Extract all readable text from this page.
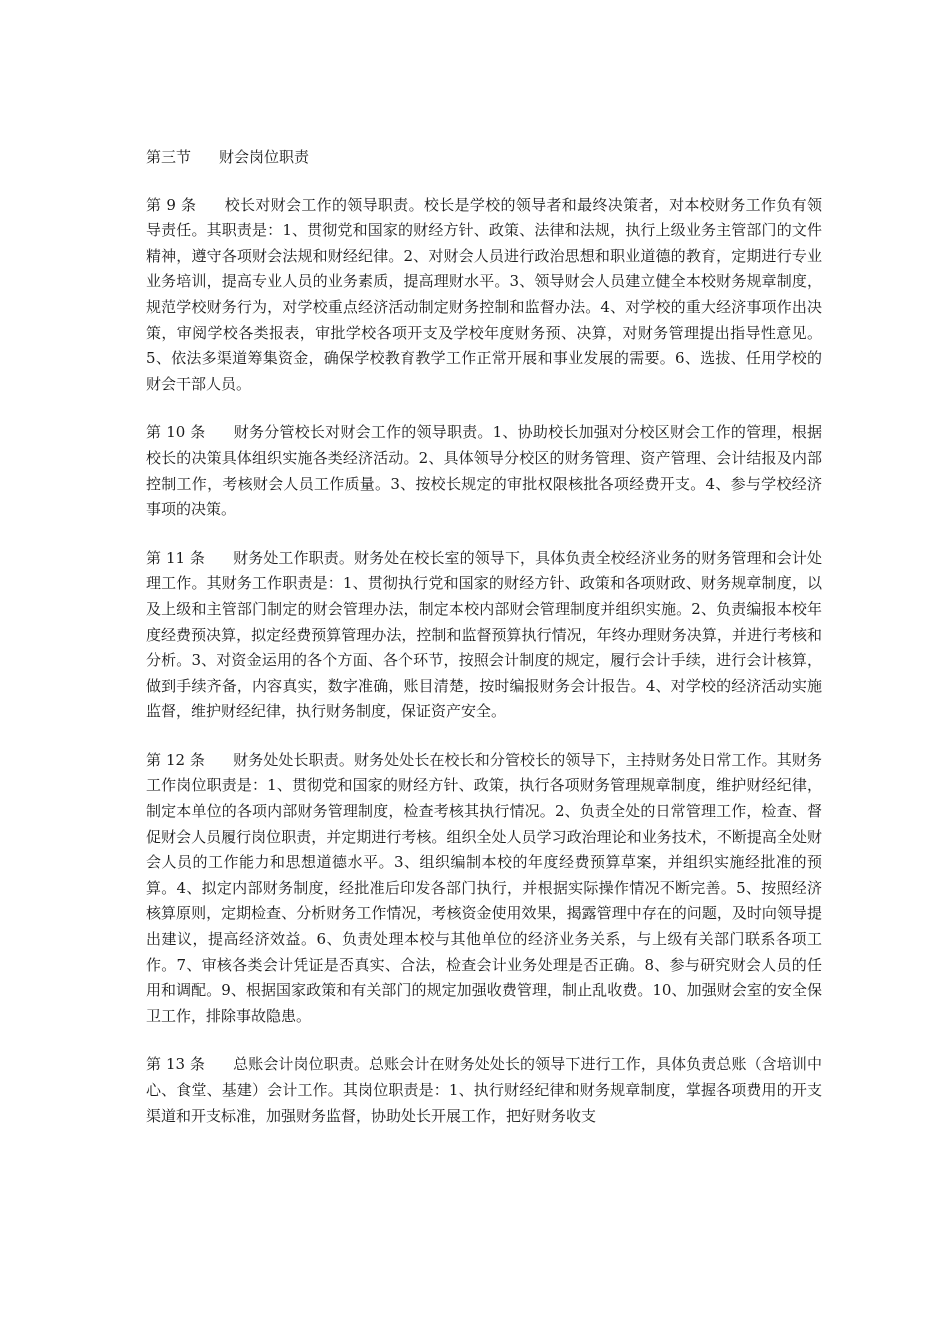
第三节 财会岗位职责

第 9 条 校长对财会工作的领导职责。校长是学校的领导者和最终决策者，对本校财务工作负有领导责任。其职责是：1、贯彻党和国家的财经方针、政策、法律和法规，执行上级业务主管部门的文件精神，遵守各项财会法规和财经纪律。2、对财会人员进行政治思想和职业道德的教育，定期进行专业业务培训，提高专业人员的业务素质，提高理财水平。3、领导财会人员建立健全本校财务规章制度，规范学校财务行为，对学校重点经济活动制定财务控制和监督办法。4、对学校的重大经济事项作出决策，审阅学校各类报表，审批学校各项开支及学校年度财务预、决算，对财务管理提出指导性意见。5、依法多渠道筹集资金，确保学校教育教学工作正常开展和事业发展的需要。6、选拔、任用学校的财会干部人员。

第 10 条 财务分管校长对财会工作的领导职责。1、协助校长加强对分校区财会工作的管理，根据校长的决策具体组织实施各类经济活动。2、具体领导分校区的财务管理、资产管理、会计结报及内部控制工作，考核财会人员工作质量。3、按校长规定的审批权限核批各项经费开支。4、参与学校经济事项的决策。

第 11 条 财务处工作职责。财务处在校长室的领导下，具体负责全校经济业务的财务管理和会计处理工作。其财务工作职责是：1、贯彻执行党和国家的财经方针、政策和各项财政、财务规章制度，以及上级和主管部门制定的财会管理办法，制定本校内部财会管理制度并组织实施。2、负责编报本校年度经费预决算，拟定经费预算管理办法，控制和监督预算执行情况，年终办理财务决算，并进行考核和分析。3、对资金运用的各个方面、各个环节，按照会计制度的规定，履行会计手续，进行会计核算，做到手续齐备，内容真实，数字准确，账目清楚，按时编报财务会计报告。4、对学校的经济活动实施监督，维护财经纪律，执行财务制度，保证资产安全。

第 12 条 财务处处长职责。财务处处长在校长和分管校长的领导下，主持财务处日常工作。其财务工作岗位职责是：1、贯彻党和国家的财经方针、政策，执行各项财务管理规章制度，维护财经纪律，制定本单位的各项内部财务管理制度，检查考核其执行情况。2、负责全处的日常管理工作，检查、督促财会人员履行岗位职责，并定期进行考核。组织全处人员学习政治理论和业务技术，不断提高全处财会人员的工作能力和思想道德水平。3、组织编制本校的年度经费预算草案，并组织实施经批准的预算。4、拟定内部财务制度，经批准后印发各部门执行，并根据实际操作情况不断完善。5、按照经济核算原则，定期检查、分析财务工作情况，考核资金使用效果，揭露管理中存在的问题，及时向领导提出建议，提高经济效益。6、负责处理本校与其他单位的经济业务关系，与上级有关部门联系各项工作。7、审核各类会计凭证是否真实、合法，检查会计业务处理是否正确。8、参与研究财会人员的任用和调配。9、根据国家政策和有关部门的规定加强收费管理，制止乱收费。10、加强财会室的安全保卫工作，排除事故隐患。

第 13 条 总账会计岗位职责。总账会计在财务处处长的领导下进行工作，具体负责总账（含培训中心、食堂、基建）会计工作。其岗位职责是：1、执行财经纪律和财务规章制度，掌握各项费用的开支渠道和开支标准，加强财务监督，协助处长开展工作，把好财务收支
